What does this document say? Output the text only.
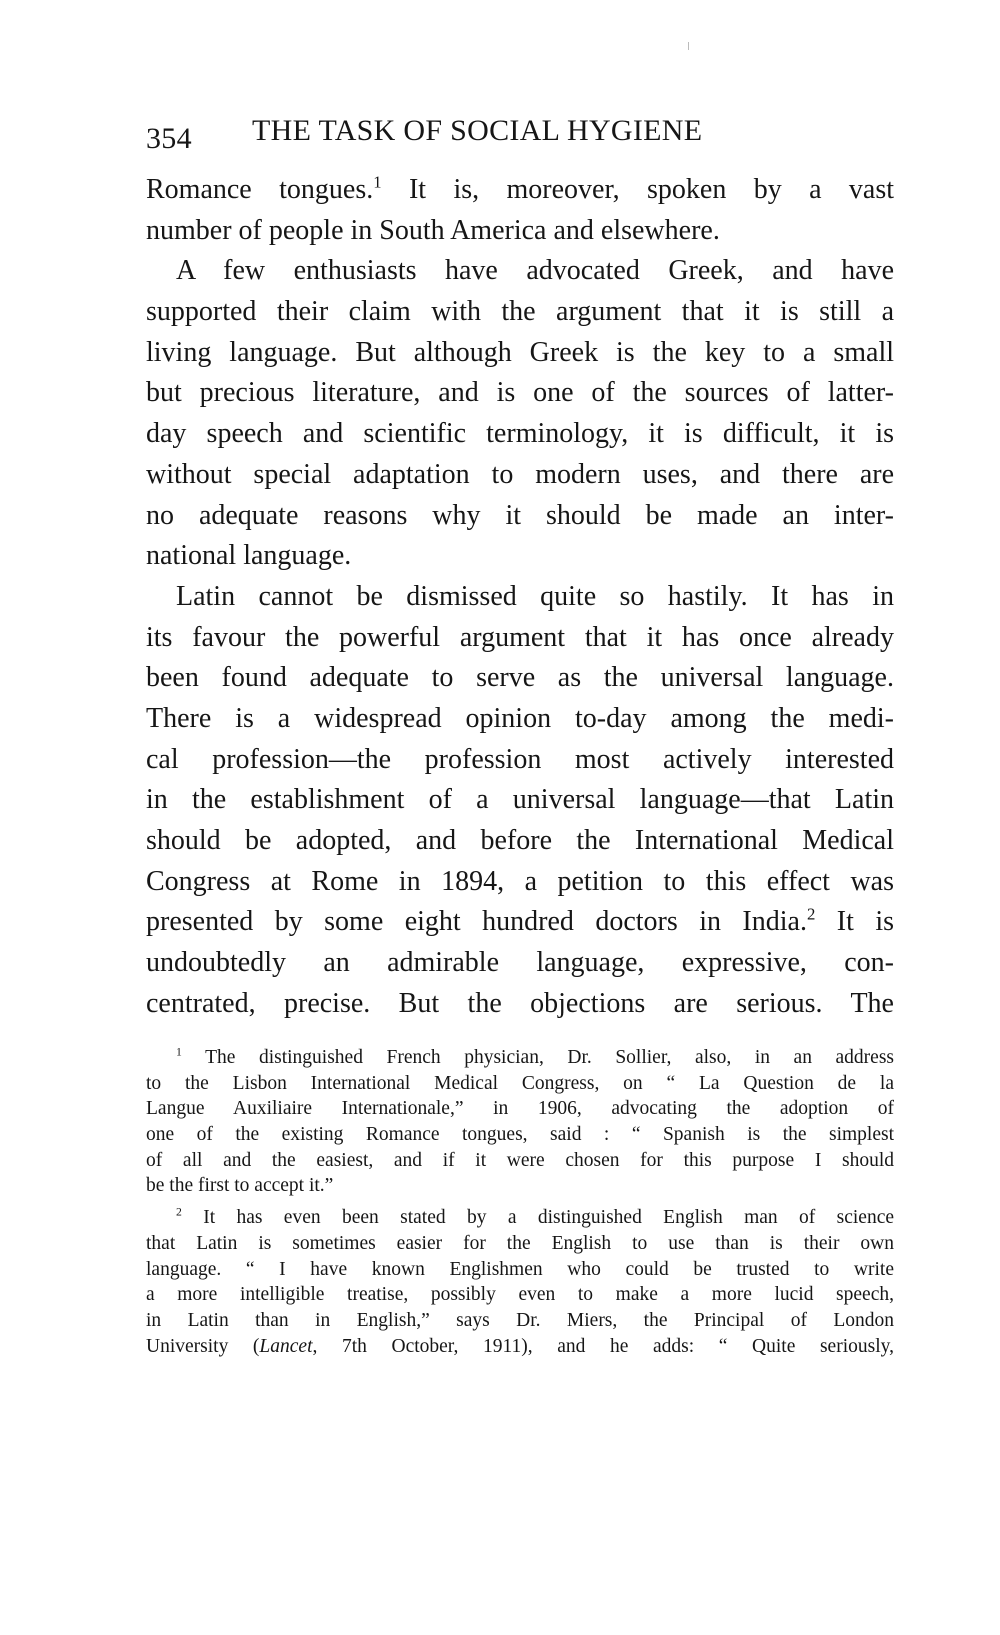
354 THE TASK OF SOCIAL HYGIENE
Romance tongues.$^1$ It is, moreover, spoken by a vast
number of people in South America and elsewhere.
A few enthusiasts have advocated Greek, and have
supported their claim with the argument that it is still a
living language. But although Greek is the key to a small
but precious literature, and is one of the sources of latter-
day speech and scientific terminology, it is difficult, it is
without special adaptation to modern uses, and there are
no adequate reasons why it should be made an inter-
national language.
Latin cannot be dismissed quite so hastily. It has in
its favour the powerful argument that it has once already
been found adequate to serve as the universal language.
There is a widespread opinion to-day among the medi-
cal profession—the profession most actively interested
in the establishment of a universal language—that Latin
should be adopted, and before the International Medical
Congress at Rome in 1894, a petition to this effect was
presented by some eight hundred doctors in India.$^2$ It is
undoubtedly an admirable language, expressive, con-
centrated, precise. But the objections are serious. The
$^1$ The distinguished French physician, Dr. Sollier, also, in an address
to the Lisbon International Medical Congress, on “ La Question de la
Langue Auxiliaire Internationale,” in 1906, advocating the adoption of
one of the existing Romance tongues, said : “ Spanish is the simplest
of all and the easiest, and if it were chosen for this purpose I should
be the first to accept it.”
$^2$ It has even been stated by a distinguished English man of science
that Latin is sometimes easier for the English to use than is their own
language. “ I have known Englishmen who could be trusted to write
a more intelligible treatise, possibly even to make a more lucid speech,
in Latin than in English,” says Dr. Miers, the Principal of London
University (Lancet, 7th October, 1911), and he adds: “ Quite seriously,
